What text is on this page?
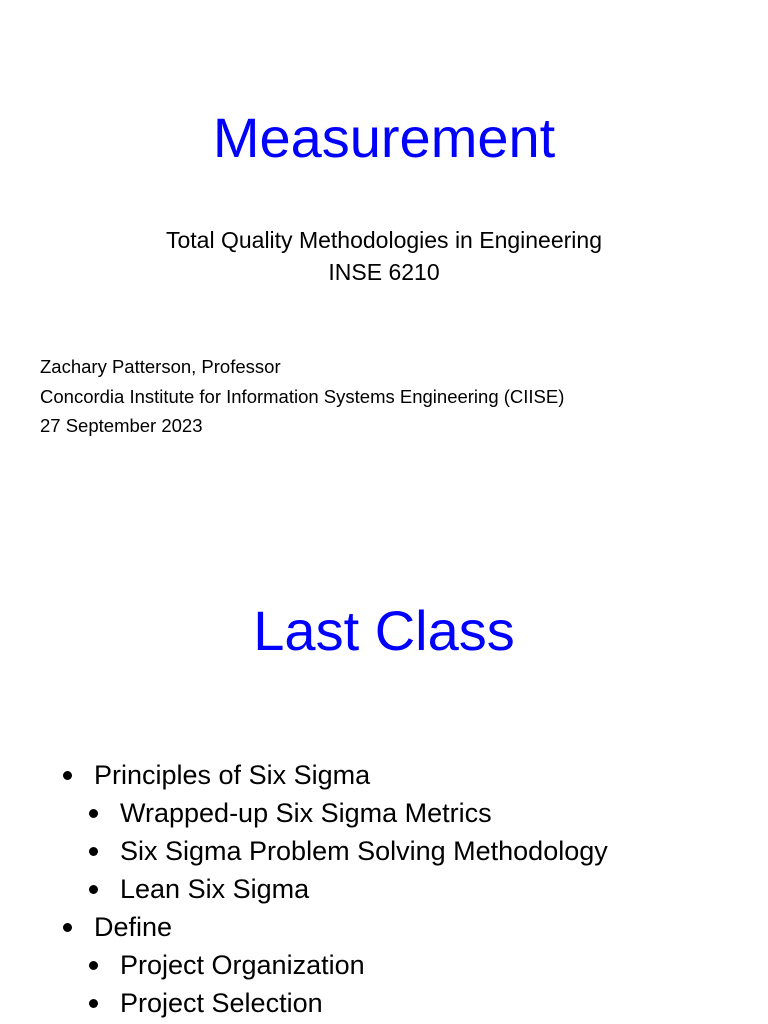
Measurement
Total Quality Methodologies in Engineering
INSE 6210
Zachary Patterson, Professor
Concordia Institute for Information Systems Engineering (CIISE)
27 September 2023
Last Class
Principles of Six Sigma
Wrapped-up Six Sigma Metrics
Six Sigma Problem Solving Methodology
Lean Six Sigma
Define
Project Organization
Project Selection
